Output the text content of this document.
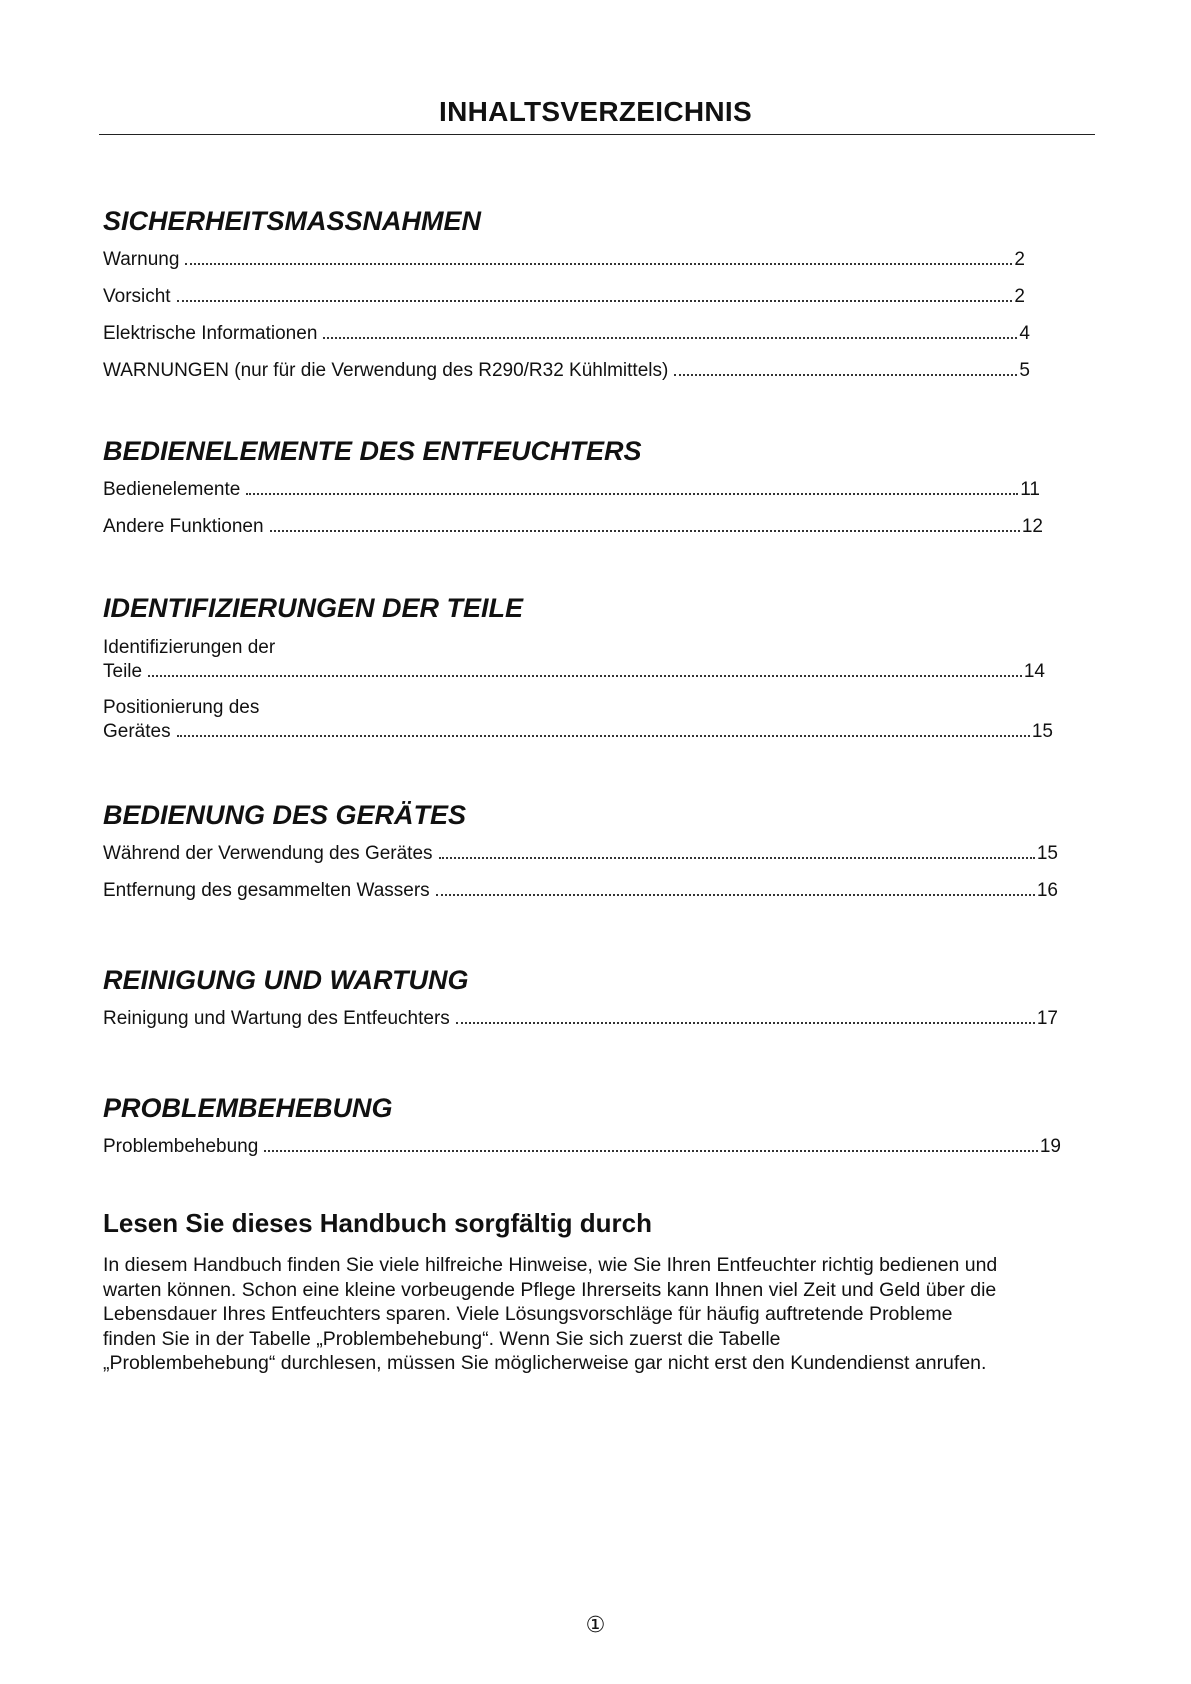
INHALTSVERZEICHNIS
SICHERHEITSMASSNAHMEN
Warnung	2
Vorsicht	2
Elektrische Informationen	4
WARNUNGEN (nur für die Verwendung des R290/R32 Kühlmittels)	5
BEDIENELEMENTE DES ENTFEUCHTERS
Bedienelemente	11
Andere Funktionen	12
IDENTIFIZIERUNGEN DER TEILE
Identifizierungen der
Teile	14
Positionierung des
Gerätes	15
BEDIENUNG DES GERÄTES
Während der Verwendung des Gerätes	15
Entfernung des gesammelten Wassers	16
REINIGUNG UND WARTUNG
Reinigung und Wartung des Entfeuchters	17
PROBLEMBEHEBUNG
Problembehebung	19
Lesen Sie dieses Handbuch sorgfältig durch

In diesem Handbuch finden Sie viele hilfreiche Hinweise, wie Sie Ihren Entfeuchter richtig bedienen und
warten können. Schon eine kleine vorbeugende Pflege Ihrerseits kann Ihnen viel Zeit und Geld über die
Lebensdauer Ihres Entfeuchters sparen. Viele Lösungsvorschläge für häufig auftretende Probleme
finden Sie in der Tabelle „Problembehebung“. Wenn Sie sich zuerst die Tabelle
„Problembehebung“ durchlesen, müssen Sie möglicherweise gar nicht erst den Kundendienst anrufen.

①
